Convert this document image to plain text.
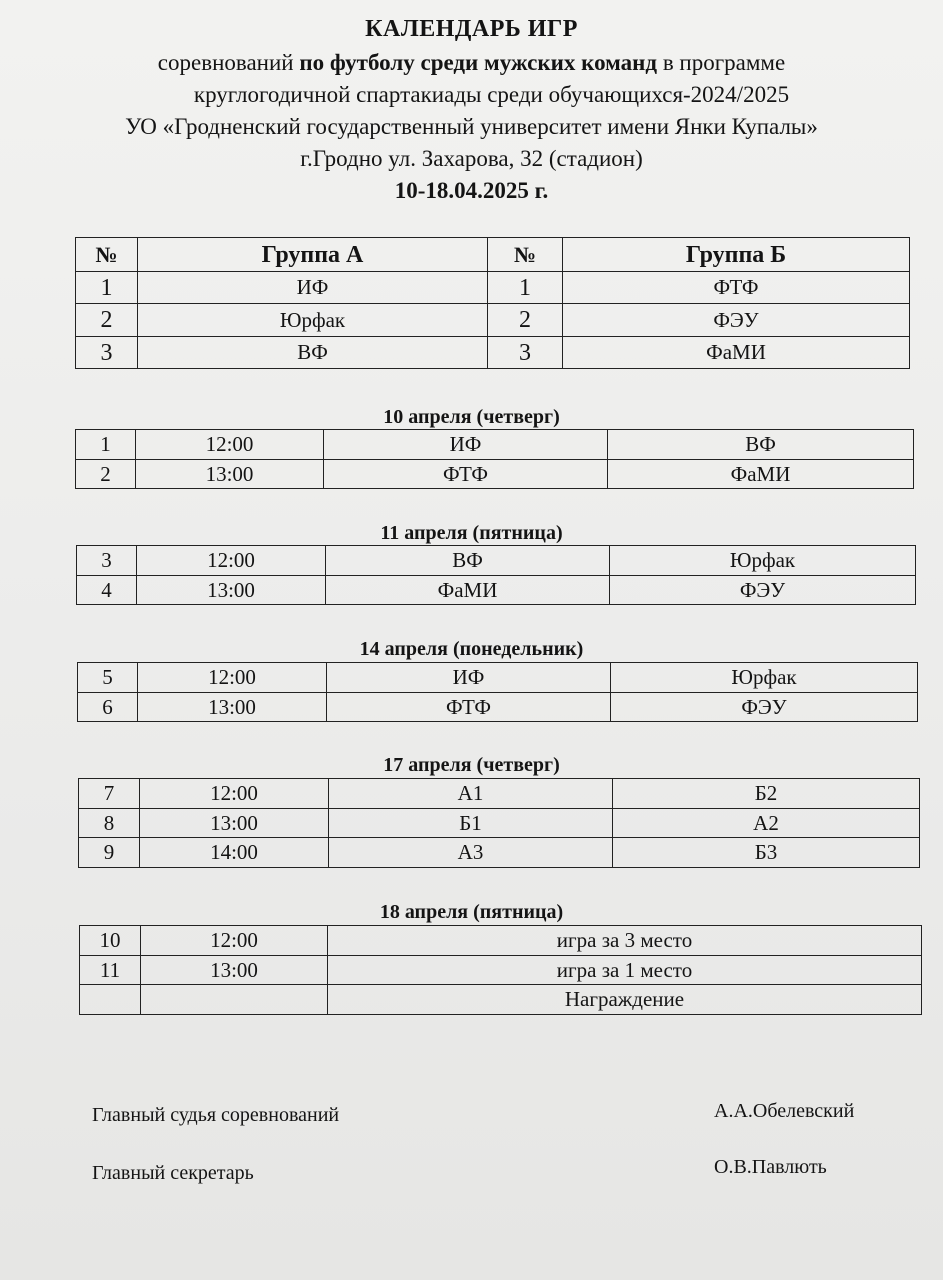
КАЛЕНДАРЬ ИГР
соревнований по футболу среди мужских команд в программе
круглогодичной спартакиады среди обучающихся-2024/2025
УО «Гродненский государственный университет имени Янки Купалы»
г.Гродно ул. Захарова, 32 (стадион)
10-18.04.2025 г.
№	Группа А	№	Группа Б
1	ИФ	1	ФТФ
2	Юрфак	2	ФЭУ
3	ВФ	3	ФаМИ
10 апреля (четверг)
1	12:00	ИФ	ВФ
2	13:00	ФТФ	ФаМИ
11 апреля (пятница)
3	12:00	ВФ	Юрфак
4	13:00	ФаМИ	ФЭУ
14 апреля (понедельник)
5	12:00	ИФ	Юрфак
6	13:00	ФТФ	ФЭУ
17 апреля (четверг)
7	12:00	А1	Б2
8	13:00	Б1	А2
9	14:00	А3	Б3
18 апреля (пятница)
10	12:00	игра за 3 место
11	13:00	игра за 1 место
		Награждение
Главный судья соревнований	А.А.Обелевский
Главный секретарь	О.В.Павлють
